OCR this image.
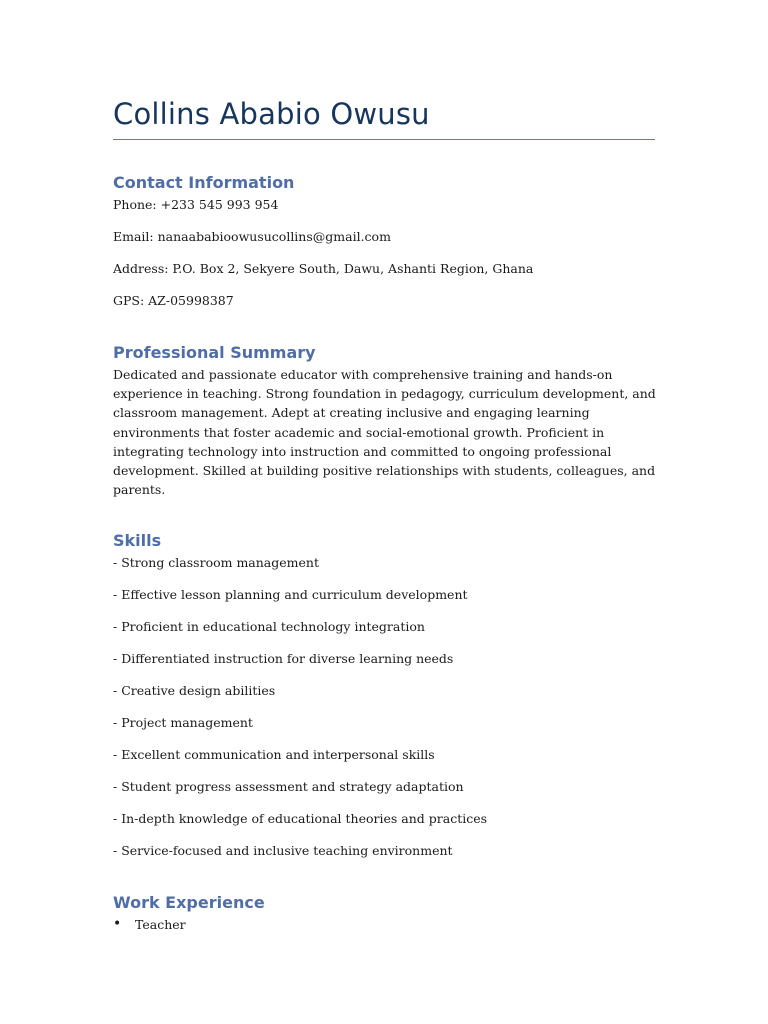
Collins Ababio Owusu
Contact Information

Phone: +233 545 993 954

Email: nanaababioowusucollins@gmail.com

Address: P.O. Box 2, Sekyere South, Dawu, Ashanti Region, Ghana

GPS: AZ-05998387

Professional Summary

Dedicated and passionate educator with comprehensive training and hands-on experience in teaching. Strong foundation in pedagogy, curriculum development, and classroom management. Adept at creating inclusive and engaging learning environments that foster academic and social-emotional growth. Proficient in integrating technology into instruction and committed to ongoing professional development. Skilled at building positive relationships with students, colleagues, and parents.

Skills

- Strong classroom management

- Effective lesson planning and curriculum development

- Proficient in educational technology integration

- Differentiated instruction for diverse learning needs

- Creative design abilities

- Project management

- Excellent communication and interpersonal skills

- Student progress assessment and strategy adaptation

- In-depth knowledge of educational theories and practices

- Service-focused and inclusive teaching environment

Work Experience
• Teacher
